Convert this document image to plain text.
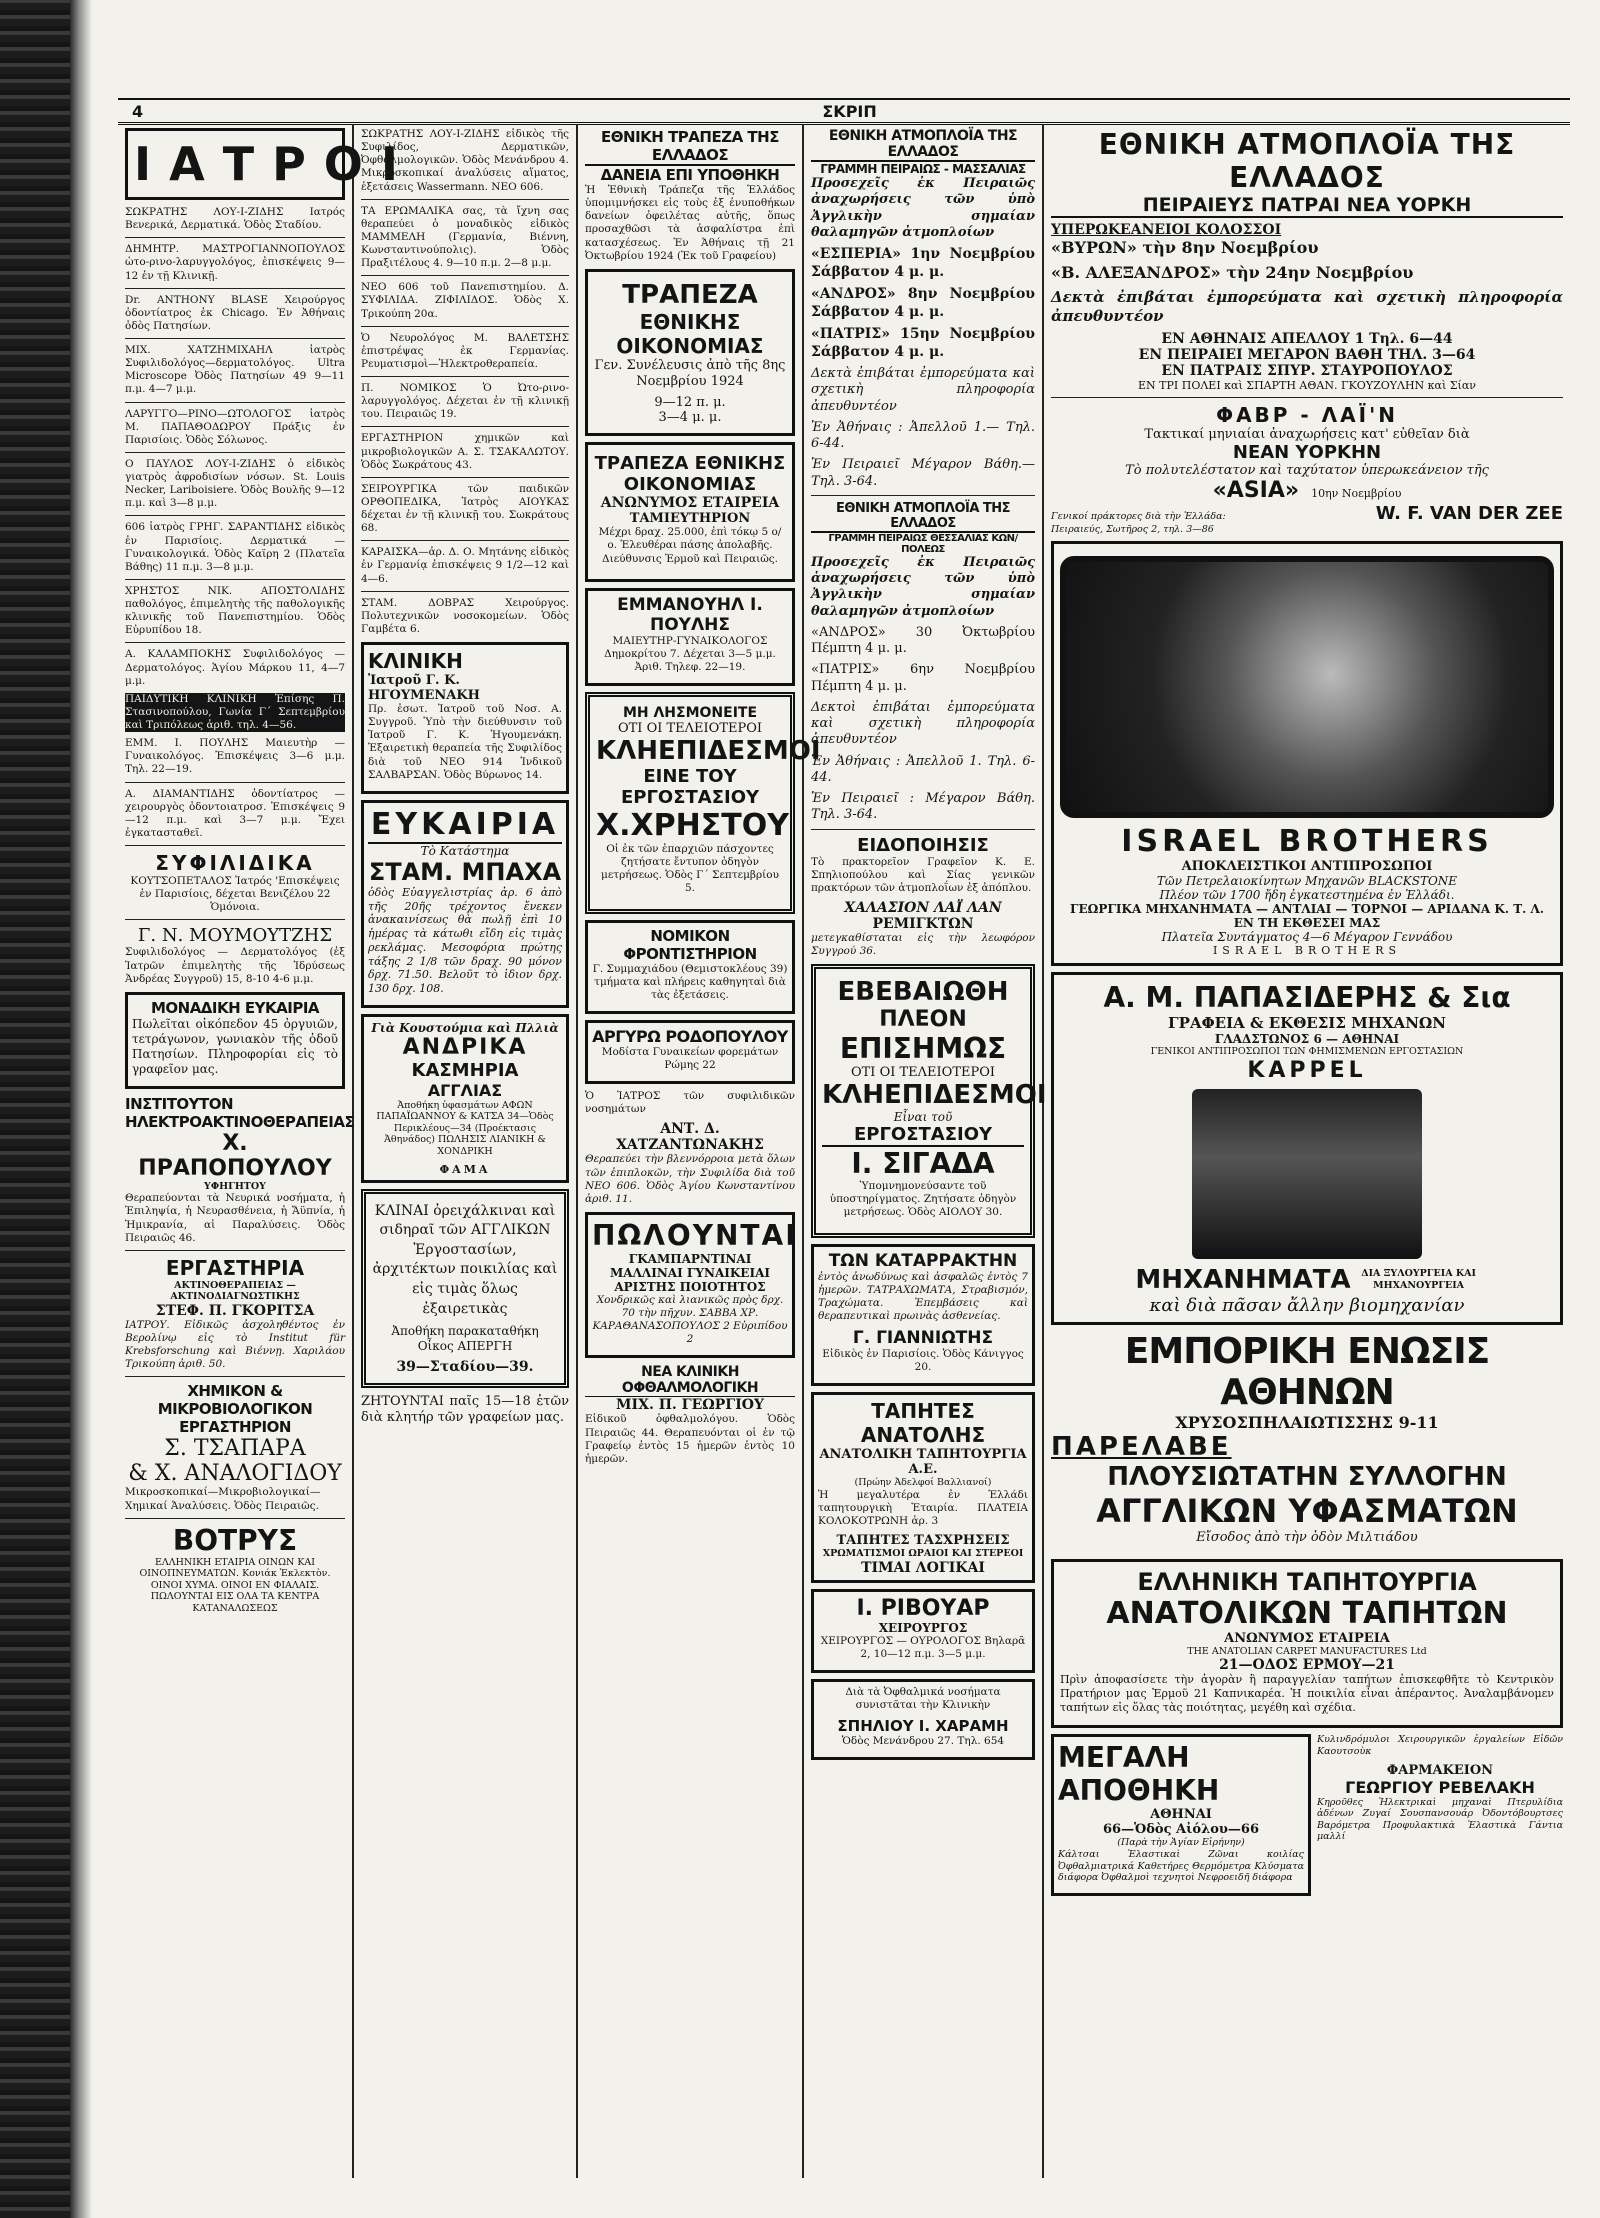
4	ΣΚΡΙΠ
ΙΑΤΡΟΙ

ΣΩΚΡΑΤΗΣ ΛΟΥ-Ι-ΖΙΔΗΣ Ιατρός Βενερικά, Δερματικά. Ὁδὸς Σταδίου.

ΔΗΜΗΤΡ. ΜΑΣΤΡΟΓΙΑΝΝΟΠΟΥΛΟΣ ὠτο-ρινο-λαρυγγολόγος, ἐπισκέψεις 9—12 ἐν τῇ Κλινικῇ.

Dr. ANTHONY BLASE Χειρούργος ὀδοντίατρος ἐκ Chicago. Ἐν Ἀθήναις ὁδὸς Πατησίων.

ΜΙΧ. ΧΑΤΖΗΜΙΧΑΗΛ ἰατρὸς Συφιλιδολόγος—δερματολόγος. Ultra Microscope Ὀδὸς Πατησίων 49 9—11 π.μ. 4—7 μ.μ.

ΛΑΡΥΓΓΟ—ΡΙΝΟ—ΩΤΟΛΟΓΟΣ ἰατρὸς Μ. ΠΑΠΑΘΟΔΩΡΟΥ Πράξις ἐν Παρισίοις. Ὁδὸς Σόλωνος.

Ο ΠΑΥΛΟΣ ΛΟΥ-Ι-ΖΙΔΗΣ ὁ εἰδικὸς γιατρὸς ἀφροδισίων νόσων. St. Louis Necker, Lariboisiere. Ὁδὸς Βουλῆς 9—12 π.μ. καὶ 3—8 μ.μ.

606 ἰατρὸς ΓΡΗΓ. ΣΑΡΑΝΤΙΔΗΣ εἰδικὸς ἐν Παρισίοις. Δερματικά — Γυναικολογικά. Ὁδὸς Καϊρη 2 (Πλατεῖα Βάθης) 11 π.μ. 3—8 μ.μ.

ΧΡΗΣΤΟΣ ΝΙΚ. ΑΠΟΣΤΟΛΙΔΗΣ παθολόγος, ἐπιμελητὴς τῆς παθολογικῆς κλινικῆς τοῦ Πανεπιστημίου. Ὁδὸς Εὐρυπίδου 18.

Α. ΚΑΛΑΜΠΟΚΗΣ Συφιλιδολόγος — Δερματολόγος. Ἁγίου Μάρκου 11, 4—7 μ.μ.

ΠΑΙΔΥΤΙΚΗ ΚΛΙΝΙΚΗ Ἐπίσης Π. Στασινοπούλου, Γωνία Γ΄ Σεπτεμβρίου καὶ Τριπόλεως ἀριθ. τηλ. 4—56.

ΕΜΜ. Ι. ΠΟΥΛΗΣ Μαιευτὴρ — Γυναικολόγος. Ἐπισκέψεις 3—6 μ.μ. Τηλ. 22—19.

Α. ΔΙΑΜΑΝΤΙΔΗΣ ὁδοντίατρος — χειρουργὸς ὁδοντοιατροσ. Ἐπισκέψεις 9—12 π.μ. καὶ 3—7 μ.μ. Ἔχει ἐγκατασταθεῖ.

ΣΥΦΙΛΙΔΙΚΑ

ΚΟΥΤΣΟΠΕΤΑΛΟΣ Ἰατρός 'Επισκέψεις ἐν Παρισίοις, δέχεται Βενιζέλου 22 Ὁμόνοια.

Γ. Ν. ΜΟΥΜΟΥΤΖΗΣ

Συφιλιδολόγος — Δερματολόγος (ἐξ Ἰατρῶν ἐπιμελητὴς τῆς Ἱδρύσεως Ἀνδρέας Συγγροῦ) 15, 8-10 4-6 μ.μ.

ΜΟΝΑΔΙΚΗ ΕΥΚΑΙΡΙΑ

Πωλεῖται οἰκόπεδον 45 ὀργυιῶν, τετράγωνον, γωνιακὸν τῆς ὁδοῦ Πατησίων. Πληροφορίαι εἰς τὸ γραφεῖον μας.

ΙΝΣΤΙΤΟΥΤΟΝ ΗΛΕΚΤΡΟΑΚΤΙΝΟΘΕΡΑΠΕΙΑΣ
Χ. ΠΡΑΠΟΠΟΥΛΟΥ
ΥΦΗΓΗΤΟΥ

Θεραπεύονται τὰ Νευρικά νοσήματα, ἡ Ἐπιληψία, ἡ Νευρασθένεια, ἡ Ἄϋπνία, ἡ Ἡμικρανία, αἱ Παραλύσεις. Ὁδὸς Πειραιῶς 46.

ΕΡΓΑΣΤΗΡΙΑ
ΑΚΤΙΝΟΘΕΡΑΠΕΙΑΣ — ΑΚΤΙΝΟΔΙΑΓΝΩΣΤΙΚΗΣ
ΣΤΕΦ. Π. ΓΚΟΡΙΤΣΑ

ΙΑΤΡΟΥ. Εἰδικῶς ἀσχοληθέντος ἐν Βερολίνῳ εἰς τὸ Institut für Krebsforschung καὶ Βιέννῃ. Χαριλάου Τρικούπη ἀριθ. 50.

ΧΗΜΙΚΟΝ & ΜΙΚΡΟΒΙΟΛΟΓΙΚΟΝ ΕΡΓΑΣΤΗΡΙΟΝ
Σ. ΤΣΑΠΑΡΑ
& Χ. ΑΝΑΛΟΓΙΔΟΥ

Μικροσκοπικαί—Μικροβιολογικαί—Χημικαί Ἀναλύσεις. Ὁδὸς Πειραιῶς.

ΒΟΤΡΥΣ

ΕΛΛΗΝΙΚΗ ΕΤΑΙΡΙΑ ΟΙΝΩΝ ΚΑΙ ΟΙΝΟΠΝΕΥΜΑΤΩΝ. Κονιάκ Ἐκλεκτὸν. ΟΙΝΟΙ ΧΥΜΑ. ΟΙΝΟΙ ΕΝ ΦΙΑΛΑΙΣ. ΠΩΛΟΥΝΤΑΙ ΕΙΣ ΟΛΑ ΤΑ ΚΕΝΤΡΑ ΚΑΤΑΝΑΛΩΣΕΩΣ

ΣΩΚΡΑΤΗΣ ΛΟΥ-Ι-ΖΙΔΗΣ εἰδικὸς τῆς Συφιλίδος, Δερματικῶν, Ὀφθαλμολογικῶν. Ὁδὸς Μενάνδρου 4. Μικροσκοπικαί ἀναλύσεις αἵματος, ἐξετάσεις Wassermann. ΝΕΟ 606.

ΤΑ ΕΡΩΜΑΛΙΚΑ σας, τὰ ἴχνη σας θεραπεύει ὁ μοναδικὸς εἰδικὸς ΜΑΜΜΕΛΗ (Γερμανία, Βιέννη, Κωνσταντινούπολις). Ὁδὸς Πραξιτέλους 4. 9—10 π.μ. 2—8 μ.μ.

ΝΕΟ 606 τοῦ Πανεπιστημίου. Δ. ΣΥΦΙΛΙΔΑ. ΖΙΦΙΛΙΔΟΣ. Ὁδὸς Χ. Τρικούπη 20α.

Ὁ Νευρολόγος Μ. ΒΑΛΕΤΣΗΣ ἐπιστρέψας ἐκ Γερμανίας. Ρευματισμοὶ—Ἠλεκτροθεραπεία.

Π. ΝΟΜΙΚΟΣ Ὁ Ὠτο-ρινο-λαρυγγολόγος. Δέχεται ἐν τῇ κλινικῇ του. Πειραιῶς 19.

ΕΡΓΑΣΤΗΡΙΟΝ χημικῶν καὶ μικροβιολογικῶν Α. Σ. ΤΣΑΚΑΛΩΤΟΥ. Ὁδὸς Σωκράτους 43.

ΣΕΙΡΟΥΡΓΙΚΑ τῶν παιδικῶν ΟΡΘΟΠΕΔΙΚΑ, Ἰατρὸς ΑΙΟΥΚΑΣ δέχεται ἐν τῇ κλινικῇ του. Σωκράτους 68.

ΚΑΡΑΙΣΚΑ—ἀρ. Δ. Ο. Μητάνης εἰδικὸς ἐν Γερμανίᾳ ἐπισκέψεις 9 1/2—12 καὶ 4—6.

ΣΤΑΜ. ΔΟΒΡΑΣ Χειρούργος. Πολυτεχνικῶν νοσοκομείων. Ὁδὸς Γαμβέτα 6.

ΚΛΙΝΙΚΗ
Ἰατροῦ Γ. Κ. ΗΓΟΥΜΕΝΑΚΗ

Πρ. ἐσωτ. Ἰατροῦ τοῦ Νοσ. Α. Συγγροῦ. Ὑπὸ τὴν διεύθυνσιν τοῦ Ἰατροῦ Γ. Κ. Ἡγουμενάκη. Ἐξαιρετικὴ θεραπεία τῆς Συφιλίδος διὰ τοῦ ΝΕΟ 914 Ἰνδικοῦ ΣΑΛΒΑΡΣΑΝ. Ὁδὸς Βύρωνος 14.

ΕΥΚΑΙΡΙΑ
Τὸ Κατάστημα
ΣΤΑΜ. ΜΠΑΧΑ

ὁδὸς Εὐαγγελιστρίας ἀρ. 6 ἀπὸ τῆς 20ῆς τρέχοντος ἔνεκεν ἀνακαινίσεως θὰ πωλῇ ἐπὶ 10 ἡμέρας τὰ κάτωθι εἴδη εἰς τιμὰς ρεκλάμας. Μεσοφόρια πρώτης τάξης 2 1/8 τῶν δραχ. 90 μόνον δρχ. 71.50. Βελοῦτ τὸ ἰδιον δρχ. 130 δρχ. 108.

Γιὰ Κουστούμια καὶ Πλλιὰ
ΑΝΔΡΙΚΑ
ΚΑΣΜΗΡΙΑ
ΑΓΓΛΙΑΣ

Ἀποθήκη ὑφασμάτων ΑΦΩΝ ΠΑΠΑΪΩΑΝΝΟΥ & ΚΑΤΣΑ 34—Ὁδὸς Περικλέους—34 (Προέκτασις Ἀθηνάδος) ΠΩΛΗΣΙΣ ΛΙΑΝΙΚΗ & ΧΟΝΔΡΙΚΗ

ΦΑΜΑ

ΚΛΙΝΑΙ ὀρειχάλκιναι καὶ σιδηραῖ τῶν ΑΓΓΛΙΚΩΝ Ἐργοστασίων, ἀρχιτέκτων ποικιλίας καὶ εἰς τιμὰς ὅλως ἐξαιρετικὰς

Ἀποθήκη παρακαταθήκη Οἶκος ΑΠΕΡΓΗ

39—Σταδίου—39.

ΖΗΤΟΥΝΤΑΙ παῖς 15—18 ἐτῶν διὰ κλητήρ τῶν γραφείων μας.

ΕΘΝΙΚΗ ΤΡΑΠΕΖΑ ΤΗΣ ΕΛΛΑΔΟΣ
ΔΑΝΕΙΑ ΕΠΙ ΥΠΟΘΗΚΗ

Ἡ Ἐθνικὴ Τράπεζα τῆς Ἑλλάδος ὑπομιμνήσκει εἰς τοὺς ἐξ ἐνυποθήκων δανείων ὀφειλέτας αὐτῆς, ὅπως προσαχθῶσι τὰ ἀσφαλίστρα ἐπὶ κατασχέσεως. Ἐν Ἀθήναις τῇ 21 Ὀκτωβρίου 1924 (Ἐκ τοῦ Γραφείου)

ΤΡΑΠΕΖΑ
ΕΘΝΙΚΗΣ ΟΙΚΟΝΟΜΙΑΣ

Γεν. Συνέλευσις ἀπὸ τῆς 8ης Νοεμβρίου 1924

9—12 π. μ.
3—4 μ. μ.
ΤΡΑΠΕΖΑ ΕΘΝΙΚΗΣ ΟΙΚΟΝΟΜΙΑΣ
ΑΝΩΝΥΜΟΣ ΕΤΑΙΡΕΙΑ
ΤΑΜΙΕΥΤΗΡΙΟΝ

Μέχρι δραχ. 25.000, ἐπὶ τόκῳ 5 ο/ο. Ἐλευθέραι πάσης ἀπολαβῆς. Διεύθυνσις Ἑρμοῦ καὶ Πειραιῶς.

ΕΜΜΑΝΟΥΗΛ Ι. ΠΟΥΛΗΣ

ΜΑΙΕΥΤΗΡ-ΓΥΝΑΙΚΟΛΟΓΟΣ Δημοκρίτου 7. Δέχεται 3—5 μ.μ. Ἀριθ. Τηλεφ. 22—19.

ΜΗ ΛΗΣΜΟΝΕΙΤΕ
ΟΤΙ ΟΙ ΤΕΛΕΙΟΤΕΡΟΙ
ΚΛΗΕΠΙΔΕΣΜΟΙ
ΕΙΝΕ ΤΟΥ
ΕΡΓΟΣΤΑΣΙΟΥ
Χ.ΧΡΗΣΤΟΥ

Οἱ ἐκ τῶν ἐπαρχιῶν πάσχοντες ζητήσατε ἔντυπον ὁδηγὸν μετρήσεως. Ὁδὸς Γ΄ Σεπτεμβρίου 5.

ΝΟΜΙΚΟΝ ΦΡΟΝΤΙΣΤΗΡΙΟΝ

Γ. Συμμαχιάδου (Θεμιστοκλέους 39) τμήματα καὶ πλήρεις καθηγηταὶ διὰ τὰς ἐξετάσεις.

ΑΡΓΥΡΩ ΡΟΔΟΠΟΥΛΟΥ

Μοδίστα Γυναικείων φορεμάτων Ρώμης 22

Ὁ ἸΑΤΡΟΣ τῶν συφιλιδικῶν νοσημάτων

ΑΝΤ. Δ. ΧΑΤΖΑΝΤΩΝΑΚΗΣ

Θεραπεύει τὴν βλεννόρροια μετὰ ὅλων τῶν ἐπιπλοκῶν, τὴν Συφιλίδα διὰ τοῦ NEO 606. Ὁδὸς Ἁγίου Κωνσταντίνου ἀριθ. 11.

ΠΩΛΟΥΝΤΑΙ
ΓΚΑΜΠΑΡΝΤΙΝΑΙ ΜΑΛΛΙΝΑΙ ΓΥΝΑΙΚΕΙΑΙ ΑΡΙΣΤΗΣ ΠΟΙΟΤΗΤΟΣ

Χονδρικῶς καὶ λιανικῶς πρὸς δρχ. 70 τὴν πῆχυν. ΣΑΒΒΑ ΧΡ. ΚΑΡΑΘΑΝΑΣΟΠΟΥΛΟΣ 2 Εὐριπίδου 2

ΝΕΑ ΚΛΙΝΙΚΗ ΟΦΘΑΛΜΟΛΟΓΙΚΗ
ΜΙΧ. Π. ΓΕΩΡΓΙΟΥ

Εἰδικοῦ ὀφθαλμολόγου. Ὁδὸς Πειραιῶς 44. Θεραπευόνται οἱ ἐν τῷ Γραφείῳ ἐντὸς 15 ἡμερῶν ἐντὸς 10 ἡμερῶν.

ΕΘΝΙΚΗ ΑΤΜΟΠΛΟΪΑ ΤΗΣ ΕΛΛΑΔΟΣ
ΓΡΑΜΜΗ ΠΕΙΡΑΙΩΣ - ΜΑΣΣΑΛΙΑΣ

Προσεχεῖς ἐκ Πειραιῶς ἀναχωρήσεις τῶν ὑπὸ Ἀγγλικὴν σημαίαν θαλαμηγῶν ἀτμοπλοίων

«ΕΣΠΕΡΙΑ» 1ην Νοεμβρίου Σάββατον 4 μ. μ.

«ΑΝΔΡΟΣ» 8ην Νοεμβρίου Σάββατον 4 μ. μ.

«ΠΑΤΡΙΣ» 15ην Νοεμβρίου Σάββατον 4 μ. μ.

Δεκτὰ ἐπιβάται ἐμπορεύματα καὶ σχετικὴ πληροφορία ἀπευθυντέον

Ἐν Ἀθήναις : Ἀπελλοῦ 1.— Τηλ. 6-44.

Ἐν Πειραιεῖ Μέγαρον Βάθη.— Τηλ. 3-64.

ΕΘΝΙΚΗ ΑΤΜΟΠΛΟΪΑ ΤΗΣ ΕΛΛΑΔΟΣ
ΓΡΑΜΜΗ ΠΕΙΡΑΙΩΣ ΘΕΣΣΑΛΙΑΣ ΚΩΝ/ΠΟΛΕΩΣ

Προσεχεῖς ἐκ Πειραιῶς ἀναχωρήσεις τῶν ὑπὸ Ἀγγλικὴν σημαίαν θαλαμηγῶν ἀτμοπλοίων

«ΑΝΔΡΟΣ» 30 Ὀκτωβρίου Πέμπτη 4 μ. μ.

«ΠΑΤΡΙΣ» 6ην Νοεμβρίου Πέμπτη 4 μ. μ.

Δεκτοὶ ἐπιβάται ἐμπορεύματα καὶ σχετικὴ πληροφορία ἀπευθυντέον

Ἐν Ἀθήναις : Ἀπελλοῦ 1. Τηλ. 6-44.

Ἐν Πειραιεῖ : Μέγαρον Βάθη. Τηλ. 3-64.

ΕΙΔΟΠΟΙΗΣΙΣ

Τὸ πρακτορεῖον Γραφεῖον Κ. Ε. Σπηλιοπούλου καὶ Σίας γενικῶν πρακτόρων τῶν ἀτμοπλοΐων ἐξ ἀπόπλου.

ΧΑΛΑΣΙΟΝ ΛΑΪ ΛΑΝ
ΡΕΜΙΓΚΤΩΝ

μετεγκαθίσταται εἰς τὴν λεωφόρον Συγγρού 36.

ΕΒΕΒΑΙΩΘΗ
ΠΛΕΟΝ
ΕΠΙΣΗΜΩΣ
ΟΤΙ ΟΙ ΤΕΛΕΙΟΤΕΡΟΙ
ΚΛΗΕΠΙΔΕΣΜΟΙ
Εἶναι τοῦ
ΕΡΓΟΣΤΑΣΙΟΥ
Ι. ΣΙΓΑΔΑ

Ὑπομνημονεύσαντε τοῦ ὑποστηρίγματος. Ζητήσατε ὁδηγὸν μετρήσεως. Ὁδὸς ΑΙΟΛΟΥ 30.

ΤΩΝ ΚΑΤΑΡΡΑΚΤΗΝ

ἐντὸς ἀνωδύνως καὶ ἀσφαλῶς ἐντὸς 7 ἡμερῶν. ΤΑΤΡΑΧΩΜΑΤΑ, Στραβισμόν, Τραχώματα. Ἐπεμβάσεις καὶ θεραπευτικαὶ πρωινὰς ἀσθενείας.

Γ. ΓΙΑΝΝΙΩΤΗΣ

Εἰδικὸς ἐν Παρισίοις. Ὁδὸς Κάνιγγος 20.

ΤΑΠΗΤΕΣ ΑΝΑΤΟΛΗΣ
ΑΝΑΤΟΛΙΚΗ ΤΑΠΗΤΟΥΡΓΙΑ Α.Ε.
(Πρώην Ἀδελφοί Βαλλιανοί)

Ἡ μεγαλυτέρα ἐν Ἑλλάδι ταπητουργικὴ Ἑταιρία. ΠΛΑΤΕΙΑ ΚΟΛΟΚΟΤΡΩΝΗ ἀρ. 3

ΤΑΠΗΤΕΣ ΤΑΣΧΡΗΣΕΙΣ
ΧΡΩΜΑΤΙΣΜΟΙ ΩΡΑΙΟΙ ΚΑΙ ΣΤΕΡΕΟΙ
ΤΙΜΑΙ ΛΟΓΙΚΑΙ
Ι. ΡΙΒΟΥΑΡ
ΧΕΙΡΟΥΡΓΟΣ

ΧΕΙΡΟΥΡΓΟΣ — ΟΥΡΟΛΟΓΟΣ Βηλαρᾶ 2, 10—12 π.μ. 3—5 μ.μ.

Διὰ τὰ Ὀφθαλμικά νοσήματα συνιστᾶται τὴν Κλινικὴν

ΣΠΗΛΙΟΥ Ι. ΧΑΡΑΜΗ

Ὁδὸς Μενάνδρου 27. Τηλ. 654

ΕΘΝΙΚΗ ΑΤΜΟΠΛΟΪΑ ΤΗΣ ΕΛΛΑΔΟΣ
ΠΕΙΡΑΙΕΥΣ ΠΑΤΡΑΙ ΝΕΑ ΥΟΡΚΗ
ΥΠΕΡΩΚΕΑΝΕΙΟΙ ΚΟΛΟΣΣΟΙ

«ΒΥΡΩΝ» τὴν 8ην Νοεμβρίου

«Β. ΑΛΕΞΑΝΔΡΟΣ» τὴν 24ην Νοεμβρίου

Δεκτὰ ἐπιβάται ἐμπορεύματα καὶ σχετικὴ πληροφορία ἀπευθυντέον

ΕΝ ΑΘΗΝΑΙΣ ΑΠΕΛΛΟΥ 1 Τηλ. 6—44
ΕΝ ΠΕΙΡΑΙΕΙ ΜΕΓΑΡΟΝ ΒΑΘΗ ΤΗΛ. 3—64
ΕΝ ΠΑΤΡΑΙΣ ΣΠΥΡ. ΣΤΑΥΡΟΠΟΥΛΟΣ
ΕΝ ΤΡΙ ΠΟΛΕΙ καὶ ΣΠΑΡΤΗ ΑΘΑΝ. ΓΚΟΥΖΟΥΛΗΝ καὶ Σίαν
ΦΑΒΡ - ΛΑΪ'Ν
Τακτικαί μηνιαίαι ἀναχωρήσεις κατ' εὐθεῖαν διὰ
ΝΕΑΝ ΥΟΡΚΗΝ
Τὸ πολυτελέστατον καὶ ταχύτατον ὑπερωκεάνειον τῆς
«ASIA» 10ην Νοεμβρίου
Γενικοί πράκτορες διὰ τὴν Ἑλλάδα:	W. F. VAN DER ZEE
Πειραιεύς, Σωτῆρος 2, τηλ. 3—86
ISRAEL BROTHERS
ΑΠΟΚΛΕΙΣΤΙΚΟΙ ΑΝΤΙΠΡΟΣΩΠΟΙ
Τῶν Πετρελαιοκίνητων Μηχανῶν BLACKSTONE
Πλέον τῶν 1700 ἤδη ἐγκατεστημένα ἐν Ἑλλάδι.
ΓΕΩΡΓΙΚΑ ΜΗΧΑΝΗΜΑΤΑ — ΑΝΤΛΙΑΙ — ΤΟΡΝΟΙ — ΑΡΙΔΑΝΑ Κ. Τ. Λ. ΕΝ ΤΗ ΕΚΘΕΣΕΙ ΜΑΣ
Πλατεῖα Συντάγματος 4—6 Μέγαρον Γεννάδου
ISRAEL BROTHERS
Α. Μ. ΠΑΠΑΣΙΔΕΡΗΣ & Σια
ΓΡΑΦΕΙΑ & ΕΚΘΕΣΙΣ ΜΗΧΑΝΩΝ
ΓΛΑΔΣΤΩΝΟΣ 6 — ΑΘΗΝΑΙ
ΓΕΝΙΚΟΙ ΑΝΤΙΠΡΟΣΩΠΟΙ ΤΩΝ ΦΗΜΙΣΜΕΝΩΝ ΕΡΓΟΣΤΑΣΙΩΝ
KAPPEL
ΜΗΧΑΝΗΜΑΤΑ ΔΙΑ ΞΥΛΟΥΡΓΕΙΑ ΚΑΙ ΜΗΧΑΝΟΥΡΓΕΙΑ
καὶ διὰ πᾶσαν ἄλλην βιομηχανίαν
ΕΜΠΟΡΙΚΗ ΕΝΩΣΙΣ ΑΘΗΝΩΝ
ΧΡΥΣΟΣΠΗΛΑΙΩΤΙΣΣΗΣ 9-11
ΠΑΡΕΛΑΒΕ
ΠΛΟΥΣΙΩΤΑΤΗΝ ΣΥΛΛΟΓΗΝ
ΑΓΓΛΙΚΩΝ ΥΦΑΣΜΑΤΩΝ
Εἴσοδος ἀπὸ τὴν ὁδὸν Μιλτιάδου
ΕΛΛΗΝΙΚΗ ΤΑΠΗΤΟΥΡΓΙΑ
ΑΝΑΤΟΛΙΚΩΝ ΤΑΠΗΤΩΝ
ΑΝΩΝΥΜΟΣ ΕΤΑΙΡΕΙΑ
THE ANATOLIAN CARPET MANUFACTURES Ltd
21—ΟΔΟΣ ΕΡΜΟΥ—21

Πρὶν ἀποφασίσετε τὴν ἀγορὰν ἢ παραγγελίαν ταπήτων ἐπισκεφθῆτε τὸ Κεντρικὸν Πρατήριον μας Ἑρμοῦ 21 Καπνικαρέα. Ἡ ποικιλία εἶναι ἀπέραντος. Ἀναλαμβάνομεν ταπήτων εἰς ὅλας τὰς ποιότητας, μεγέθη καὶ σχέδια.

ΜΕΓΑΛΗ ΑΠΟΘΗΚΗ
ΑΘΗΝΑΙ
66—Ὁδὸς Αἰόλου—66
(Παρὰ τὴν Ἁγίαν Εἰρήνην)

Κάλτσαι Ἐλαστικαὶ Ζῶναι κοιλίας Ὀφθαλμιατρικά Καθετήρες Θερμόμετρα Κλύσματα διάφορα Ὀφθαλμοὶ τεχνητοὶ Νεφροειδῆ διάφορα

Κυλινδρόμυλοι Χειρουργικῶν ἐργαλείων Εἰδῶν Καουτσοὺκ

ΦΑΡΜΑΚΕΙΟΝ
ΓΕΩΡΓΙΟΥ ΡΕΒΕΛΑΚΗ

Κηροῦθες Ἠλεκτρικαὶ μηχαναὶ Πτερυλίδια ἀδένων Ζυγαί Σουσπανσουάρ Ὀδοντόβουρτσες Βαρόμετρα Προφυλακτικὰ Ἐλαστικὰ Γάντια μαλλί
